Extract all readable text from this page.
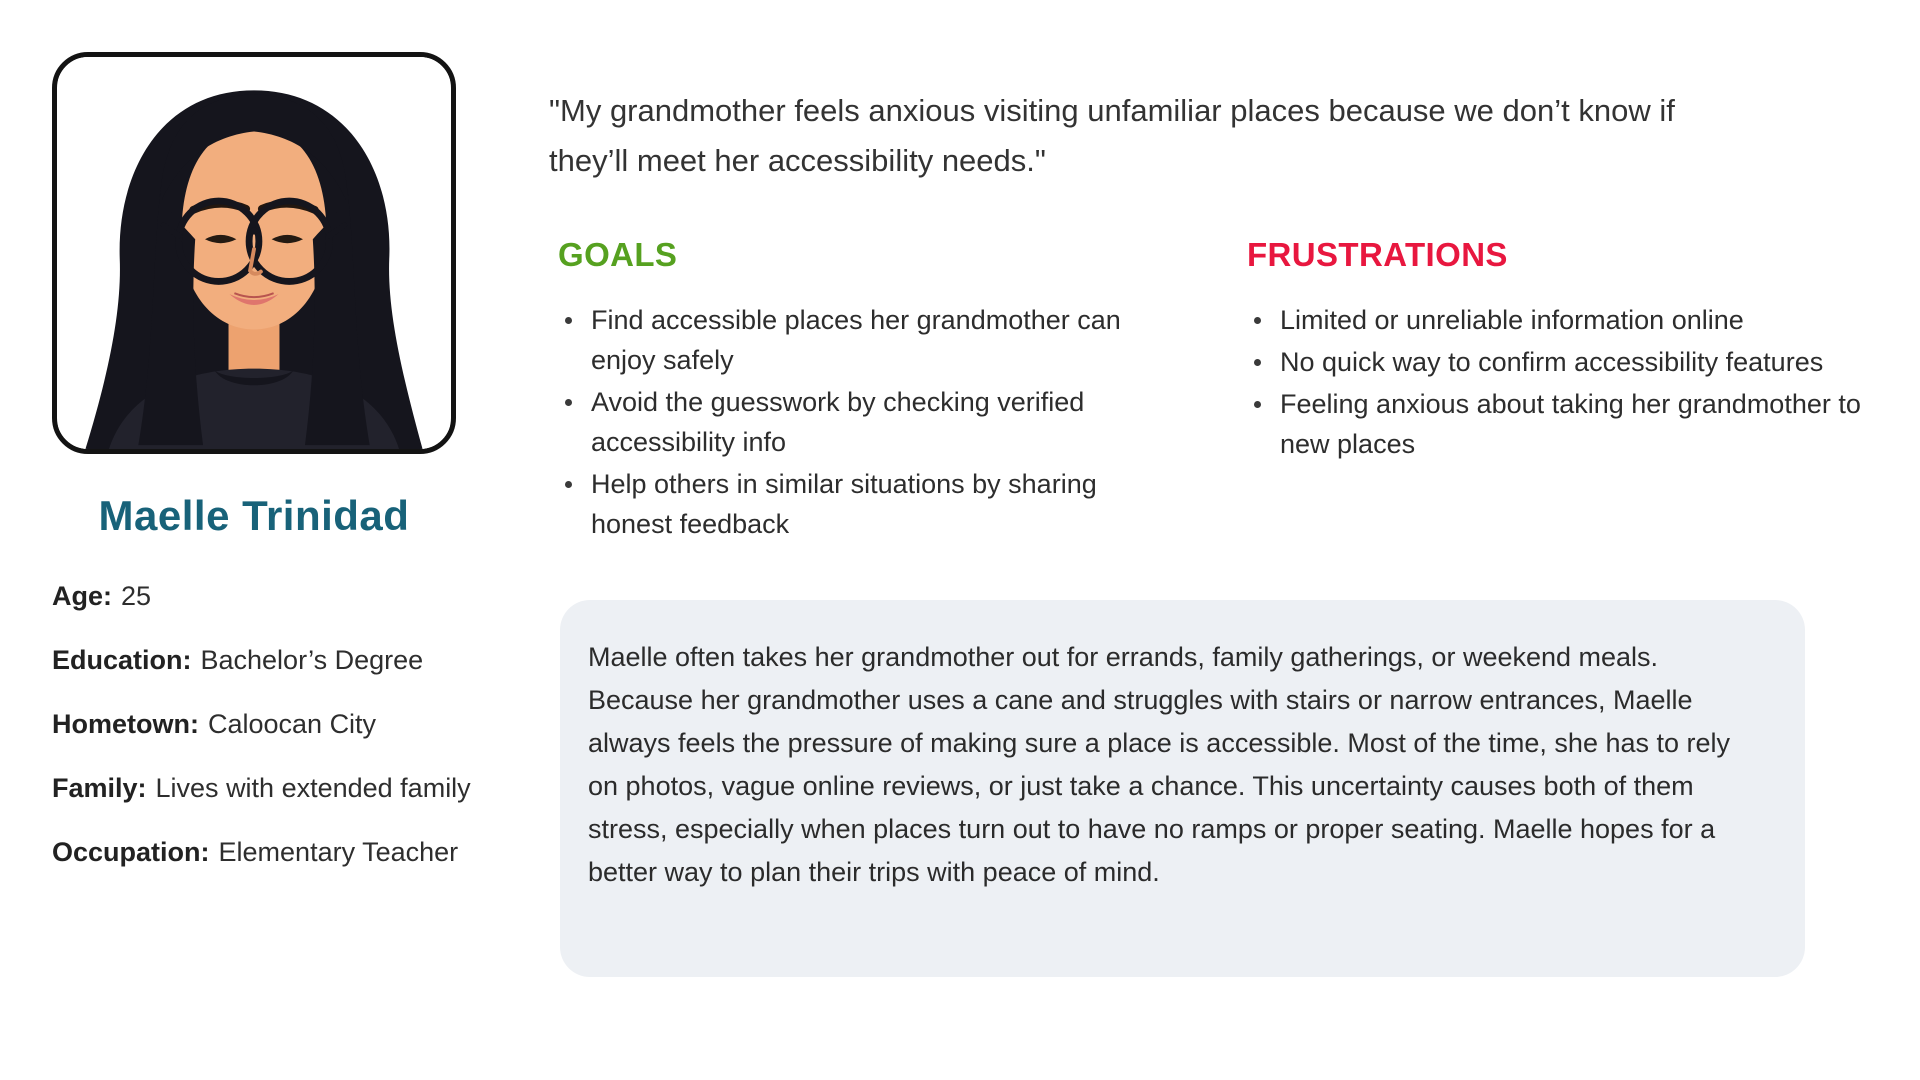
Maelle Trinidad
Age: 25
Education: Bachelor’s Degree
Hometown: Caloocan City
Family: Lives with extended family
Occupation: Elementary Teacher
"My grandmother feels anxious visiting unfamiliar places because we don’t know if
they’ll meet her accessibility needs."
GOALS
Find accessible places her grandmother can enjoy safely
Avoid the guesswork by checking verified accessibility info
Help others in similar situations by sharing honest feedback
FRUSTRATIONS
Limited or unreliable information online
No quick way to confirm accessibility features
Feeling anxious about taking her grandmother to new places
Maelle often takes her grandmother out for errands, family gatherings, or weekend meals. Because her grandmother uses a cane and struggles with stairs or narrow entrances, Maelle always feels the pressure of making sure a place is accessible. Most of the time, she has to rely on photos, vague online reviews, or just take a chance. This uncertainty causes both of them stress, especially when places turn out to have no ramps or proper seating. Maelle hopes for a better way to plan their trips with peace of mind.
